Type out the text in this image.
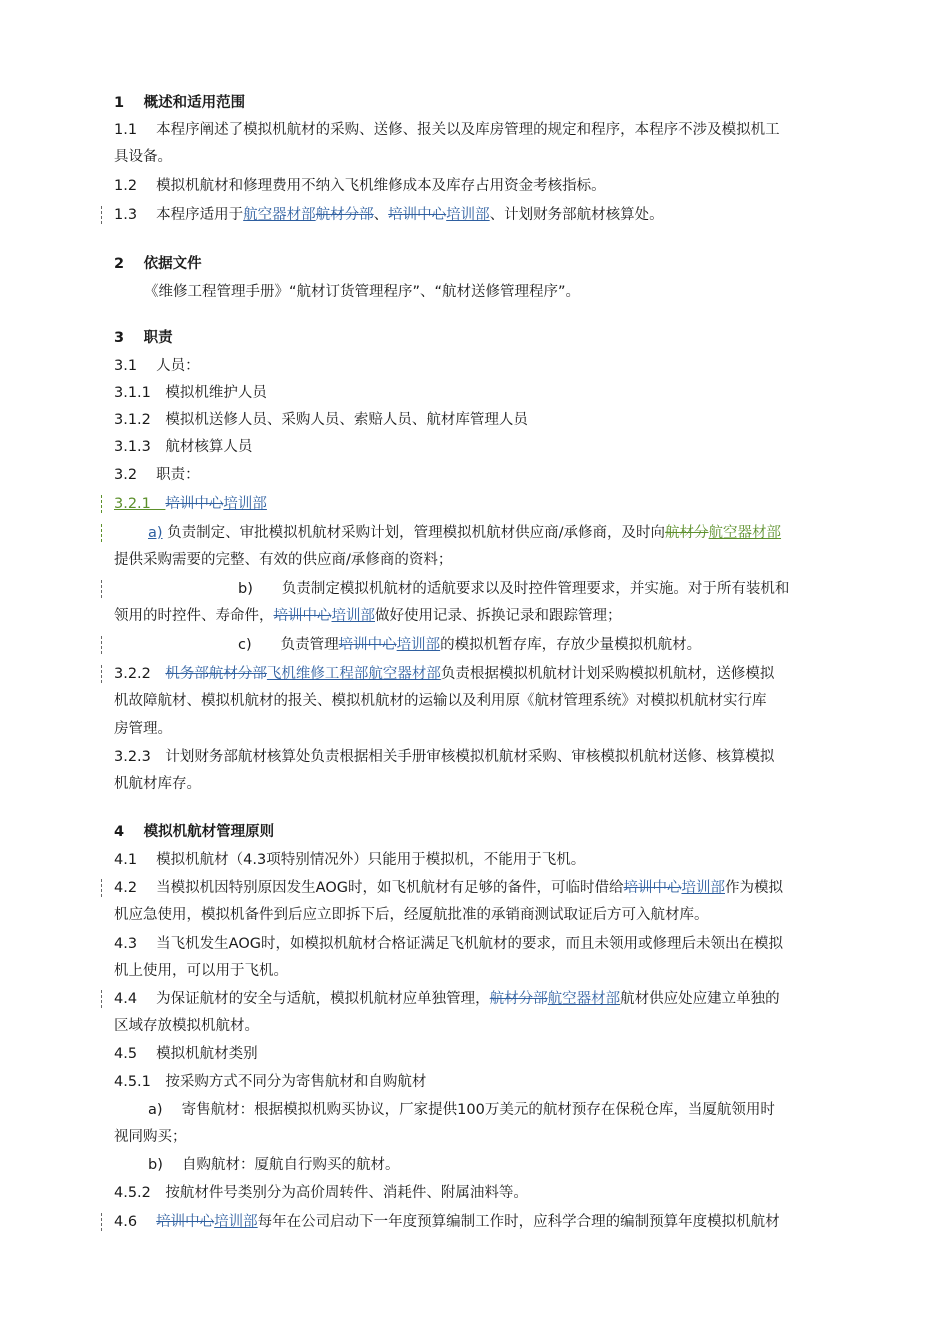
1　 概述和适用范围
1.1　 本程序阐述了模拟机航材的采购、送修、报关以及库房管理的规定和程序，本程序不涉及模拟机工
具设备。
1.2　 模拟机航材和修理费用不纳入飞机维修成本及库存占用资金考核指标。
1.3　 本程序适用于航空器材部航材分部、培训中心培训部、计划财务部航材核算处。
2　 依据文件
《维修工程管理手册》“航材订货管理程序”、“航材送修管理程序”。
3　 职责
3.1　 人员：
3.1.1　模拟机维护人员
3.1.2　模拟机送修人员、采购人员、索赔人员、航材库管理人员
3.1.3　航材核算人员
3.2　 职责：
3.2.1　培训中心培训部
a) 负责制定、审批模拟机航材采购计划，管理模拟机航材供应商/承修商，及时向航材分航空器材部
提供采购需要的完整、有效的供应商/承修商的资料；
b)　　负责制定模拟机航材的适航要求以及时控件管理要求，并实施。对于所有装机和
领用的时控件、寿命件，培训中心培训部做好使用记录、拆换记录和跟踪管理；
c)　　负责管理培训中心培训部的模拟机暂存库，存放少量模拟机航材。
3.2.2　机务部航材分部飞机维修工程部航空器材部负责根据模拟机航材计划采购模拟机航材，送修模拟
机故障航材、模拟机航材的报关、模拟机航材的运输以及利用原《航材管理系统》对模拟机航材实行库
房管理。
3.2.3　计划财务部航材核算处负责根据相关手册审核模拟机航材采购、审核模拟机航材送修、核算模拟
机航材库存。
4　 模拟机航材管理原则
4.1　 模拟机航材（4.3项特别情况外）只能用于模拟机，不能用于飞机。
4.2　 当模拟机因特别原因发生AOG时，如飞机航材有足够的备件，可临时借给培训中心培训部作为模拟
机应急使用，模拟机备件到后应立即拆下后，经厦航批准的承销商测试取证后方可入航材库。
4.3　 当飞机发生AOG时，如模拟机航材合格证满足飞机航材的要求，而且未领用或修理后未领出在模拟
机上使用，可以用于飞机。
4.4　 为保证航材的安全与适航，模拟机航材应单独管理，航材分部航空器材部航材供应处应建立单独的
区域存放模拟机航材。
4.5　 模拟机航材类别
4.5.1　按采购方式不同分为寄售航材和自购航材
a)　 寄售航材：根据模拟机购买协议，厂家提供100万美元的航材预存在保税仓库，当厦航领用时
视同购买；
b)　 自购航材：厦航自行购买的航材。
4.5.2　按航材件号类别分为高价周转件、消耗件、附属油料等。
4.6　 培训中心培训部每年在公司启动下一年度预算编制工作时，应科学合理的编制预算年度模拟机航材
